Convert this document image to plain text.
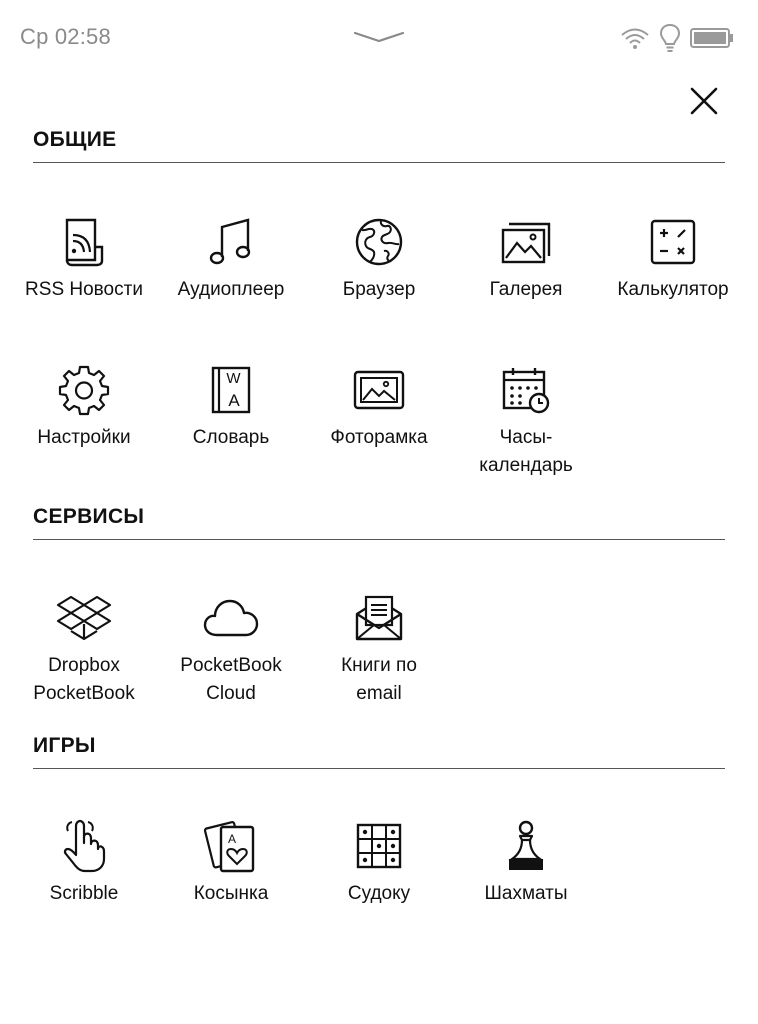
Ср 02:58
ОБЩИЕ
RSS Новости	Аудиоплеер	Браузер	Галерея	Калькулятор
Настройки
W
A
Словарь	Фоторамка	Часы-
календарь
СЕРВИСЫ
Dropbox
PocketBook
PocketBook
Cloud
Книги по
email
ИГРЫ
Scribble
A
Косынка	Судоку	Шахматы
